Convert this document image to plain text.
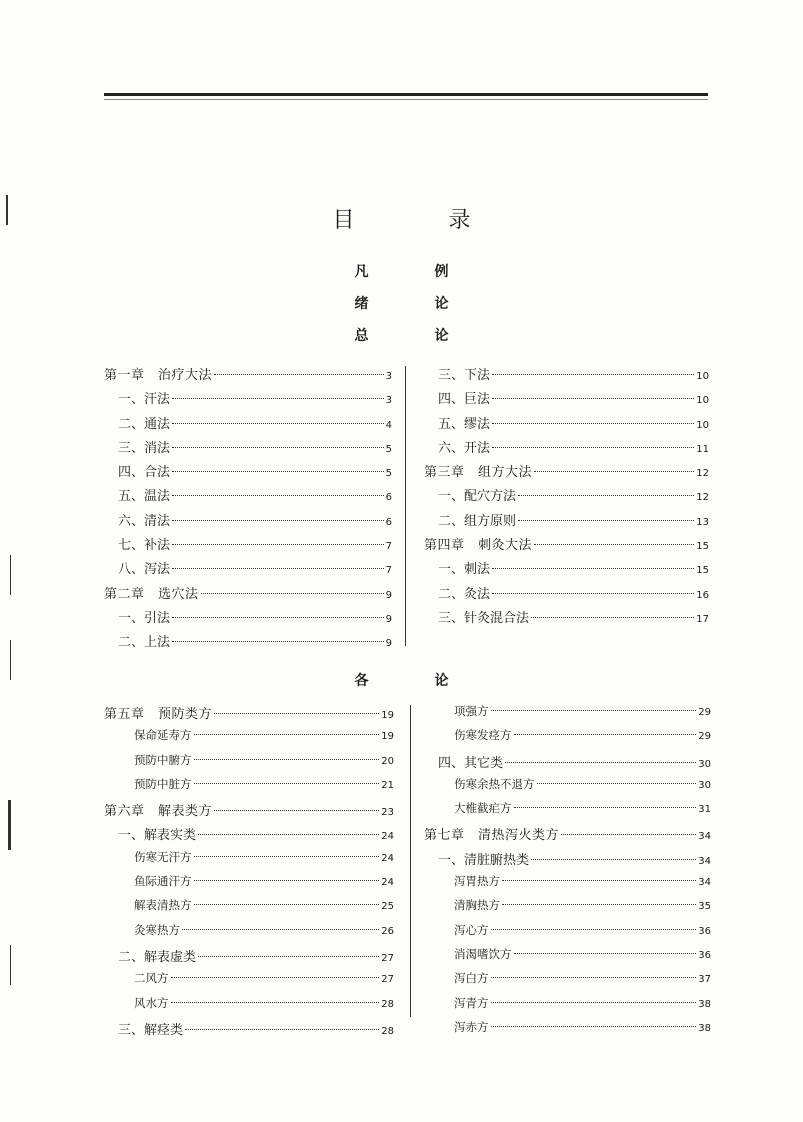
目　录
凡　例
绪　论
总　论
第一章　治疗大法	3
一、汗法	3
二、通法	4
三、消法	5
四、合法	5
五、温法	6
六、清法	6
七、补法	7
八、泻法	7
第二章　选穴法	9
一、引法	9
二、上法	9
三、下法	10
四、巨法	10
五、缪法	10
六、开法	11
第三章　组方大法	12
一、配穴方法	12
二、组方原则	13
第四章　刺灸大法	15
一、刺法	15
二、灸法	16
三、针灸混合法	17
各　论
第五章　预防类方	19
保命延寿方	19
预防中腑方	20
预防中脏方	21
第六章　解表类方	23
一、解表实类	24
伤寒无汗方	24
鱼际通汗方	24
解表清热方	25
灸寒热方	26
二、解表虚类	27
二风方	27
风水方	28
三、解痉类	28
项强方	29
伤寒发痉方	29
四、其它类	30
伤寒余热不退方	30
大椎截疟方	31
第七章　清热泻火类方	34
一、清脏腑热类	34
泻胃热方	34
清胸热方	35
泻心方	36
消渴嗜饮方	36
泻白方	37
泻青方	38
泻赤方	38
